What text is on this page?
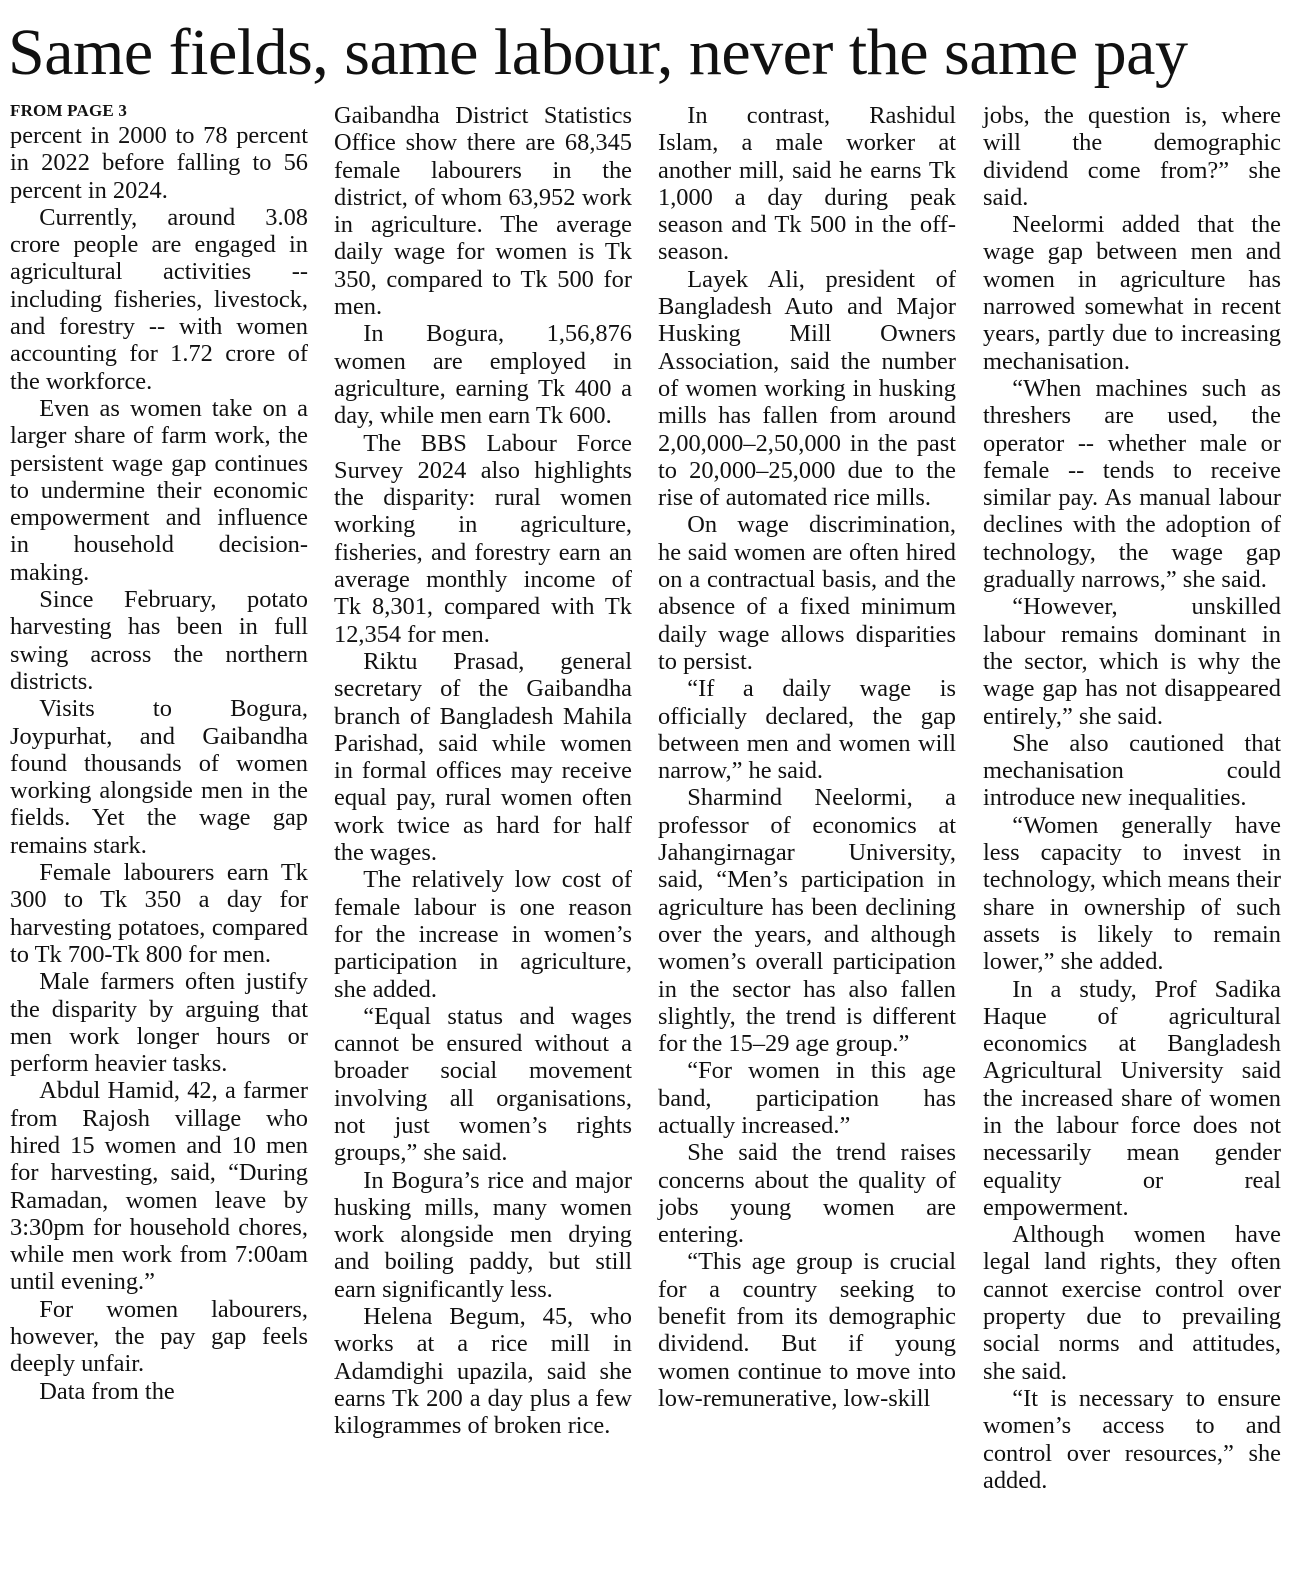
Same fields, same labour, never the same pay
FROM PAGE 3

percent in 2000 to 78 percent in 2022 before falling to 56 percent in 2024.

Currently, around 3.08 crore people are engaged in agricultural activities -- including fisheries, livestock, and forestry -- with women accounting for 1.72 crore of the workforce.

Even as women take on a larger share of farm work, the persistent wage gap continues to undermine their economic empowerment and influence in household decision-making.

Since February, potato harvesting has been in full swing across the northern districts.

Visits to Bogura, Joypurhat, and Gaibandha found thousands of women working alongside men in the fields. Yet the wage gap remains stark.

Female labourers earn Tk 300 to Tk 350 a day for harvesting potatoes, compared to Tk 700-Tk 800 for men.

Male farmers often justify the disparity by arguing that men work longer hours or perform heavier tasks.

Abdul Hamid, 42, a farmer from Rajosh village who hired 15 women and 10 men for harvesting, said, “During Ramadan, women leave by 3:30pm for household chores, while men work from 7:00am until evening.”

For women labourers, however, the pay gap feels deeply unfair.

Data from the

Gaibandha District Statistics Office show there are 68,345 female labourers in the district, of whom 63,952 work in agriculture. The average daily wage for women is Tk 350, compared to Tk 500 for men.

In Bogura, 1,56,876 women are employed in agriculture, earning Tk 400 a day, while men earn Tk 600.

The BBS Labour Force Survey 2024 also highlights the disparity: rural women working in agriculture, fisheries, and forestry earn an average monthly income of Tk 8,301, compared with Tk 12,354 for men.

Riktu Prasad, general secretary of the Gaibandha branch of Bangladesh Mahila Parishad, said while women in formal offices may receive equal pay, rural women often work twice as hard for half the wages.

The relatively low cost of female labour is one reason for the increase in women’s participation in agriculture, she added.

“Equal status and wages cannot be ensured without a broader social movement involving all organisations, not just women’s rights groups,” she said.

In Bogura’s rice and major husking mills, many women work alongside men drying and boiling paddy, but still earn significantly less.

Helena Begum, 45, who works at a rice mill in Adamdighi upazila, said she earns Tk 200 a day plus a few kilogrammes of broken rice.

In contrast, Rashidul Islam, a male worker at another mill, said he earns Tk 1,000 a day during peak season and Tk 500 in the off-season.

Layek Ali, president of Bangladesh Auto and Major Husking Mill Owners Association, said the number of women working in husking mills has fallen from around 2,00,000–2,50,000 in the past to 20,000–25,000 due to the rise of automated rice mills.

On wage discrimination, he said women are often hired on a contractual basis, and the absence of a fixed minimum daily wage allows disparities to persist.

“If a daily wage is officially declared, the gap between men and women will narrow,” he said.

Sharmind Neelormi, a professor of economics at Jahangirnagar University, said, “Men’s participation in agriculture has been declining over the years, and although women’s overall participation in the sector has also fallen slightly, the trend is different for the 15–29 age group.”

“For women in this age band, participation has actually increased.”

She said the trend raises concerns about the quality of jobs young women are entering.

“This age group is crucial for a country seeking to benefit from its demographic dividend. But if young women continue to move into low-remunerative, low-skill

jobs, the question is, where will the demographic dividend come from?” she said.

Neelormi added that the wage gap between men and women in agriculture has narrowed somewhat in recent years, partly due to increasing mechanisation.

“When machines such as threshers are used, the operator -- whether male or female -- tends to receive similar pay. As manual labour declines with the adoption of technology, the wage gap gradually narrows,” she said.

“However, unskilled labour remains dominant in the sector, which is why the wage gap has not disappeared entirely,” she said.

She also cautioned that mechanisation could introduce new inequalities.

“Women generally have less capacity to invest in technology, which means their share in ownership of such assets is likely to remain lower,” she added.

In a study, Prof Sadika Haque of agricultural economics at Bangladesh Agricultural University said the increased share of women in the labour force does not necessarily mean gender equality or real empowerment.

Although women have legal land rights, they often cannot exercise control over property due to prevailing social norms and attitudes, she said.

“It is necessary to ensure women’s access to and control over resources,” she added.
